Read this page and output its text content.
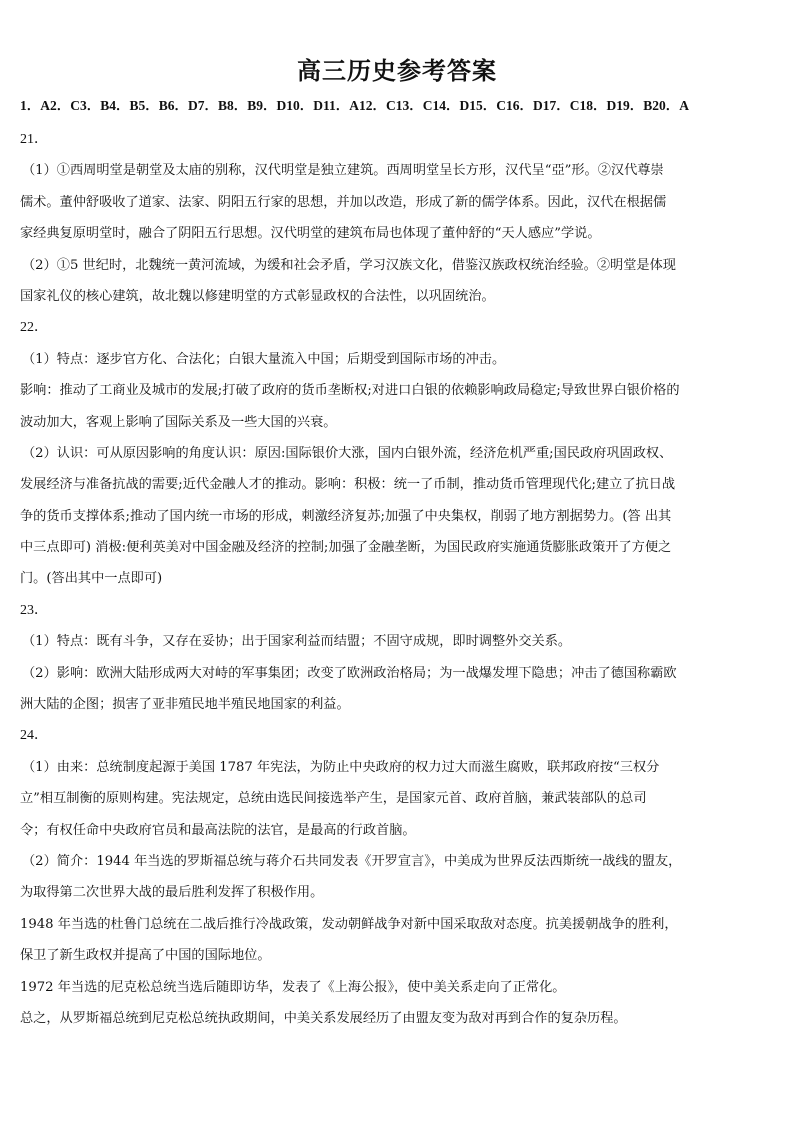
高三历史参考答案
1．A2．C3．B4．B5．B6．D7．B8．B9．D10．D11．A12．C13．C14．D15．C16．D17．C18．D19．B20．A
21．
（1）①西周明堂是朝堂及太庙的别称，汉代明堂是独立建筑。西周明堂呈长方形，汉代呈“亞”形。②汉代尊崇
儒术。董仲舒吸收了道家、法家、阴阳五行家的思想，并加以改造，形成了新的儒学体系。因此，汉代在根据儒
家经典复原明堂时，融合了阴阳五行思想。汉代明堂的建筑布局也体现了董仲舒的“天人感应”学说。
（2）①5 世纪时，北魏统一黄河流域，为缓和社会矛盾，学习汉族文化，借鉴汉族政权统治经验。②明堂是体现
国家礼仪的核心建筑，故北魏以修建明堂的方式彰显政权的合法性，以巩固统治。
22．
（1）特点：逐步官方化、合法化；白银大量流入中国；后期受到国际市场的冲击。
影响：推动了工商业及城市的发展;打破了政府的货币垄断权;对进口白银的依赖影响政局稳定;导致世界白银价格的
波动加大，客观上影响了国际关系及一些大国的兴衰。
（2）认识：可从原因影响的角度认识：原因:国际银价大涨，国内白银外流，经济危机严重;国民政府巩固政权、
发展经济与准备抗战的需要;近代金融人才的推动。影响：积极：统一了币制，推动货币管理现代化;建立了抗日战
争的货币支撑体系;推动了国内统一市场的形成，刺激经济复苏;加强了中央集权，削弱了地方割据势力。(答 出其
中三点即可) 消极:便利英美对中国金融及经济的控制;加强了金融垄断，为国民政府实施通货膨胀政策开了方便之
门。(答出其中一点即可)
23．
（1）特点：既有斗争，又存在妥协；出于国家利益而结盟；不固守成规，即时调整外交关系。
（2）影响：欧洲大陆形成两大对峙的军事集团；改变了欧洲政治格局；为一战爆发埋下隐患；冲击了德国称霸欧
洲大陆的企图；损害了亚非殖民地半殖民地国家的利益。
24．
（1）由来：总统制度起源于美国 1787 年宪法，为防止中央政府的权力过大而滋生腐败，联邦政府按“三权分
立”相互制衡的原则构建。宪法规定，总统由选民间接选举产生，是国家元首、政府首脑，兼武装部队的总司
令；有权任命中央政府官员和最高法院的法官，是最高的行政首脑。
（2）简介：1944 年当选的罗斯福总统与蒋介石共同发表《开罗宣言》，中美成为世界反法西斯统一战线的盟友，
为取得第二次世界大战的最后胜利发挥了积极作用。
1948 年当选的杜鲁门总统在二战后推行冷战政策，发动朝鲜战争对新中国采取敌对态度。抗美援朝战争的胜利，
保卫了新生政权并提高了中国的国际地位。
1972 年当选的尼克松总统当选后随即访华，发表了《上海公报》，使中美关系走向了正常化。
总之，从罗斯福总统到尼克松总统执政期间，中美关系发展经历了由盟友变为敌对再到合作的复杂历程。
